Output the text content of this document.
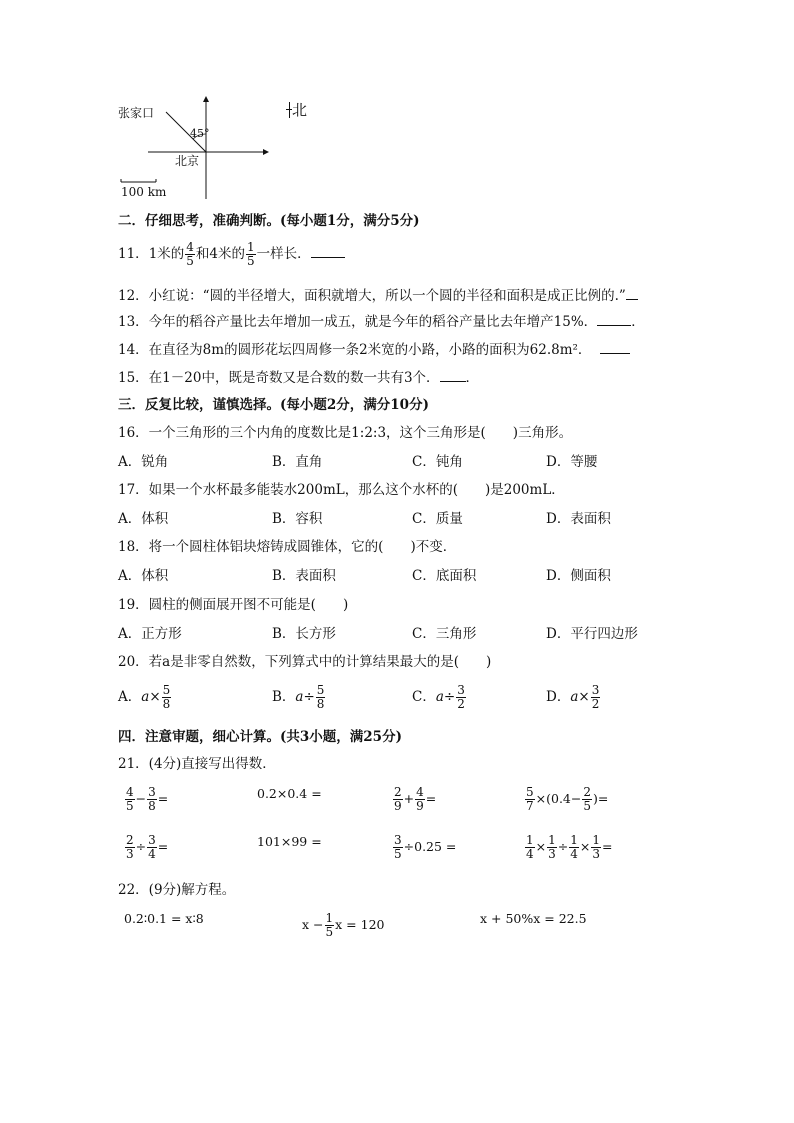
张家口
45°
北京
100 km
北
二．仔细思考，准确判断。(每小题1分，满分5分)
11．1米的 $\frac{4}{5}$ 和4米的 $\frac{1}{5}$ 一样长．
12．小红说：“圆的半径增大，面积就增大，所以一个圆的半径和面积是成正比例的.”
13．今年的稻谷产量比去年增加一成五，就是今年的稻谷产量比去年增产15%．	．
14．在直径为8m的圆形花坛四周修一条2米宽的小路，小路的面积为62.8m²．
15．在1－20中，既是奇数又是合数的数一共有3个． ．
三．反复比较，谨慎选择。(每小题2分，满分10分)
16．一个三角形的三个内角的度数比是1:2:3，这个三角形是(　　)三角形。
A．锐角	B．直角	C．钝角	D．等腰
17．如果一个水杯最多能装水200mL，那么这个水杯的(　　)是200mL．
A．体积	B．容积	C．质量	D．表面积
18．将一个圆柱体铝块熔铸成圆锥体，它的(　　)不变．
A．体积	B．表面积	C．底面积	D．侧面积
19．圆柱的侧面展开图不可能是(　　)
A．正方形	B．长方形	C．三角形	D．平行四边形
20．若a是非零自然数，下列算式中的计算结果最大的是(　　)
A．$a\times \frac{5}{8}$	B．$a\div \frac{5}{8}$	C．$a\div \frac{3}{2}$	D．$a\times \frac{3}{2}$
四．注意审题，细心计算。(共3小题，满25分)
21．(4分)直接写出得数．
$\frac{4}{5} - \frac{3}{8}$ =	0.2×0.4 =	$\frac{2}{9} + \frac{4}{9}$ =	$\frac{5}{7} \times(0.4- \frac{2}{5}$ )=
$\frac{2}{3} \div \frac{3}{4}$ =	101×99 =	$\frac{3}{5} \div 0.25$ =	$\frac{1}{4} \times \frac{1}{3} \div \frac{1}{4} \times \frac{1}{3}$ =
22．(9分)解方程。
0.2∶0.1 = x∶8	$x - \frac{1}{5}$ x = 120	x + 50%x = 22.5
